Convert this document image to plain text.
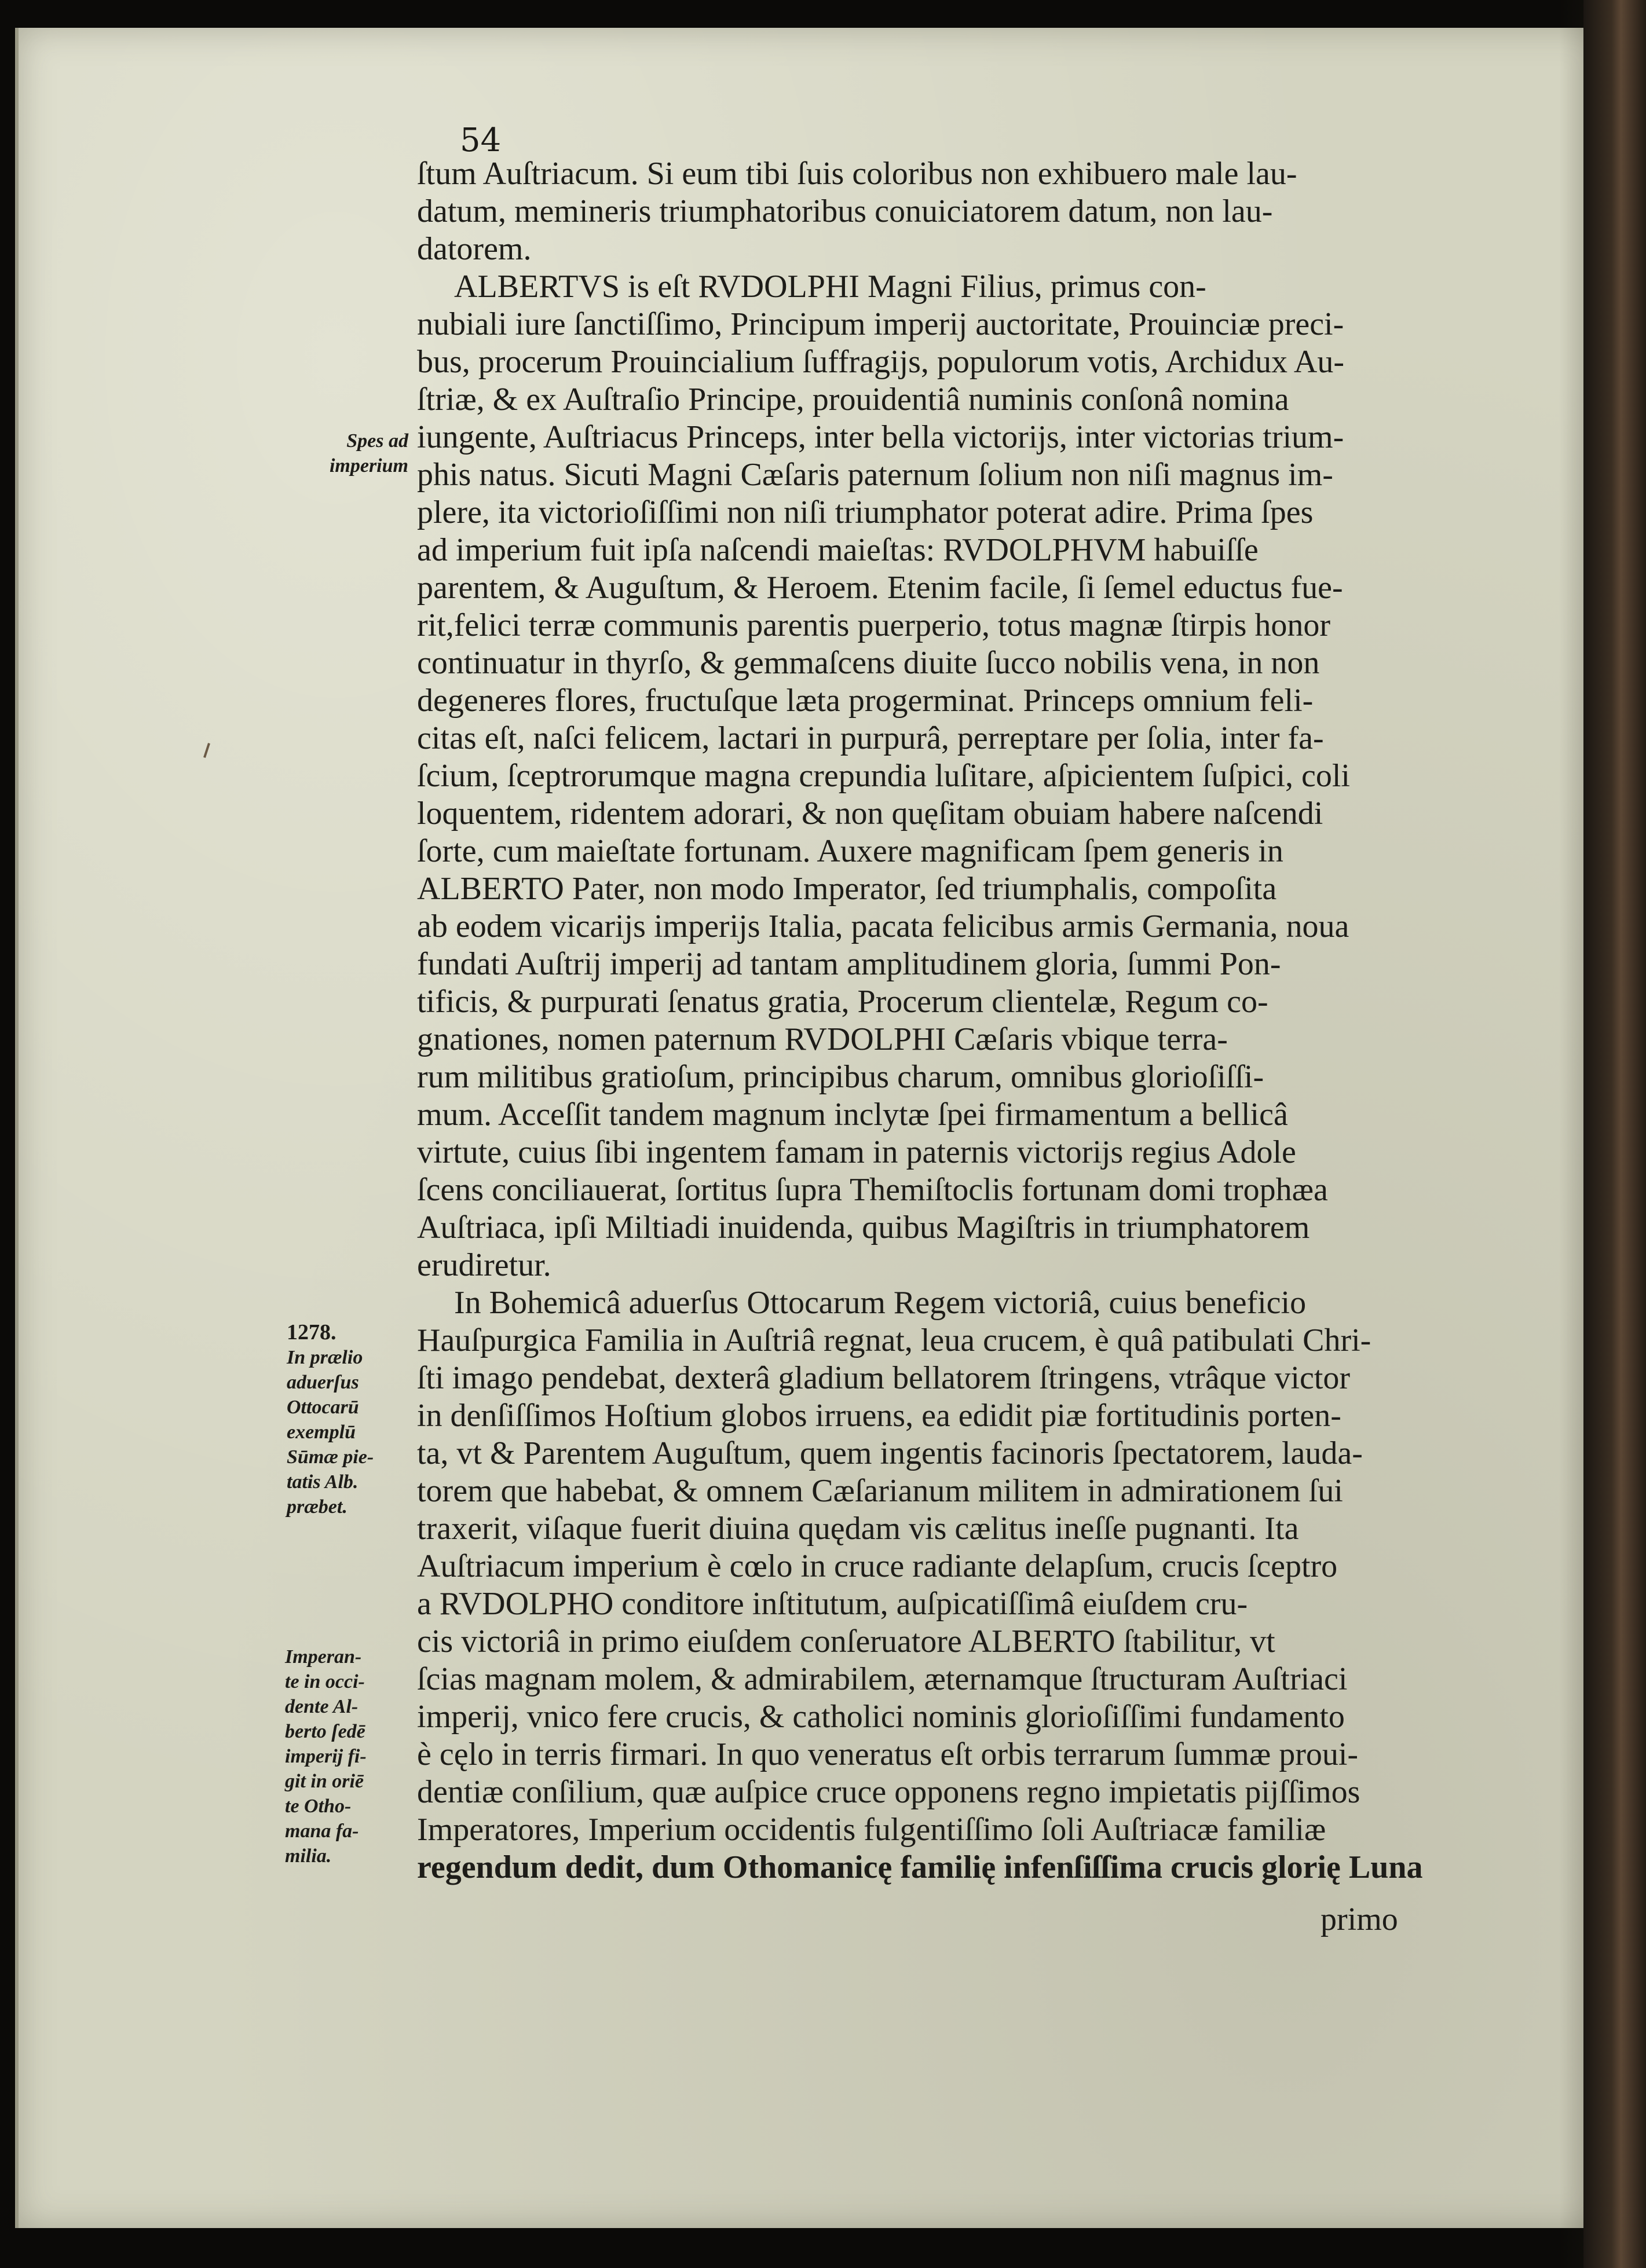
54
ſtum Auſtriacum. Si eum tibi ſuis coloribus non exhibuero male lau-
datum, memineris triumphatoribus conuiciatorem datum, non lau-
datorem.
ALBERTVS is eſt RVDOLPHI Magni Filius, primus con-
nubiali iure ſanctiſſimo, Principum imperij auctoritate, Prouinciæ preci-
bus, procerum Prouincialium ſuffragijs, populorum votis, Archidux Au-
ſtriæ, & ex Auſtraſio Principe, prouidentiâ numinis conſonâ nomina
iungente, Auſtriacus Princeps, inter bella victorijs, inter victorias trium-
phis natus. Sicuti Magni Cæſaris paternum ſolium non niſi magnus im-
plere, ita victorioſiſſimi non niſi triumphator poterat adire. Prima ſpes
ad imperium fuit ipſa naſcendi maieſtas: RVDOLPHVM habuiſſe
parentem, & Auguſtum, & Heroem. Etenim facile, ſi ſemel eductus fue-
rit,felici terræ communis parentis puerperio, totus magnæ ſtirpis honor
continuatur in thyrſo, & gemmaſcens diuite ſucco nobilis vena, in non
degeneres flores, fructuſque læta progerminat. Princeps omnium feli-
citas eſt, naſci felicem, lactari in purpurâ, perreptare per ſolia, inter fa-
ſcium, ſceptrorumque magna crepundia luſitare, aſpicientem ſuſpici, coli
loquentem, ridentem adorari, & non quęſitam obuiam habere naſcendi
ſorte, cum maieſtate fortunam. Auxere magnificam ſpem generis in
ALBERTO Pater, non modo Imperator, ſed triumphalis, compoſita
ab eodem vicarijs imperijs Italia, pacata felicibus armis Germania, noua
fundati Auſtrij imperij ad tantam amplitudinem gloria, ſummi Pon-
tificis, & purpurati ſenatus gratia, Procerum clientelæ, Regum co-
gnationes, nomen paternum RVDOLPHI Cæſaris vbique terra-
rum militibus gratioſum, principibus charum, omnibus glorioſiſſi-
mum. Acceſſit tandem magnum inclytæ ſpei firmamentum a bellicâ
virtute, cuius ſibi ingentem famam in paternis victorijs regius Adole
ſcens conciliauerat, ſortitus ſupra Themiſtoclis fortunam domi trophæa
Auſtriaca, ipſi Miltiadi inuidenda, quibus Magiſtris in triumphatorem
erudiretur.
In Bohemicâ aduerſus Ottocarum Regem victoriâ, cuius beneficio
Hauſpurgica Familia in Auſtriâ regnat, leua crucem, è quâ patibulati Chri-
ſti imago pendebat, dexterâ gladium bellatorem ſtringens, vtrâque victor
in denſiſſimos Hoſtium globos irruens, ea edidit piæ fortitudinis porten-
ta, vt & Parentem Auguſtum, quem ingentis facinoris ſpectatorem, lauda-
torem que habebat, & omnem Cæſarianum militem in admirationem ſui
traxerit, viſaque fuerit diuina quędam vis cælitus ineſſe pugnanti. Ita
Auſtriacum imperium è cœlo in cruce radiante delapſum, crucis ſceptro
a RVDOLPHO conditore inſtitutum, auſpicatiſſimâ eiuſdem cru-
cis victoriâ in primo eiuſdem conſeruatore ALBERTO ſtabilitur, vt
ſcias magnam molem, & admirabilem, æternamque ſtructuram Auſtriaci
imperij, vnico fere crucis, & catholici nominis glorioſiſſimi fundamento
è cęlo in terris firmari. In quo veneratus eſt orbis terrarum ſummæ proui-
dentiæ conſilium, quæ auſpice cruce opponens regno impietatis pijſſimos
Imperatores, Imperium occidentis fulgentiſſimo ſoli Auſtriacæ familiæ
regendum dedit, dum Othomanicę familię infenſiſſima crucis glorię Luna
primo
Spes ad
imperium
1278.
In prælio
aduerſus
Ottocarū
exemplū
Sūmæ pie-
tatis Alb.
præbet.
Imperan-
te in occi-
dente Al-
berto ſedē
imperij fi-
git in oriē
te Otho-
mana fa-
milia.
